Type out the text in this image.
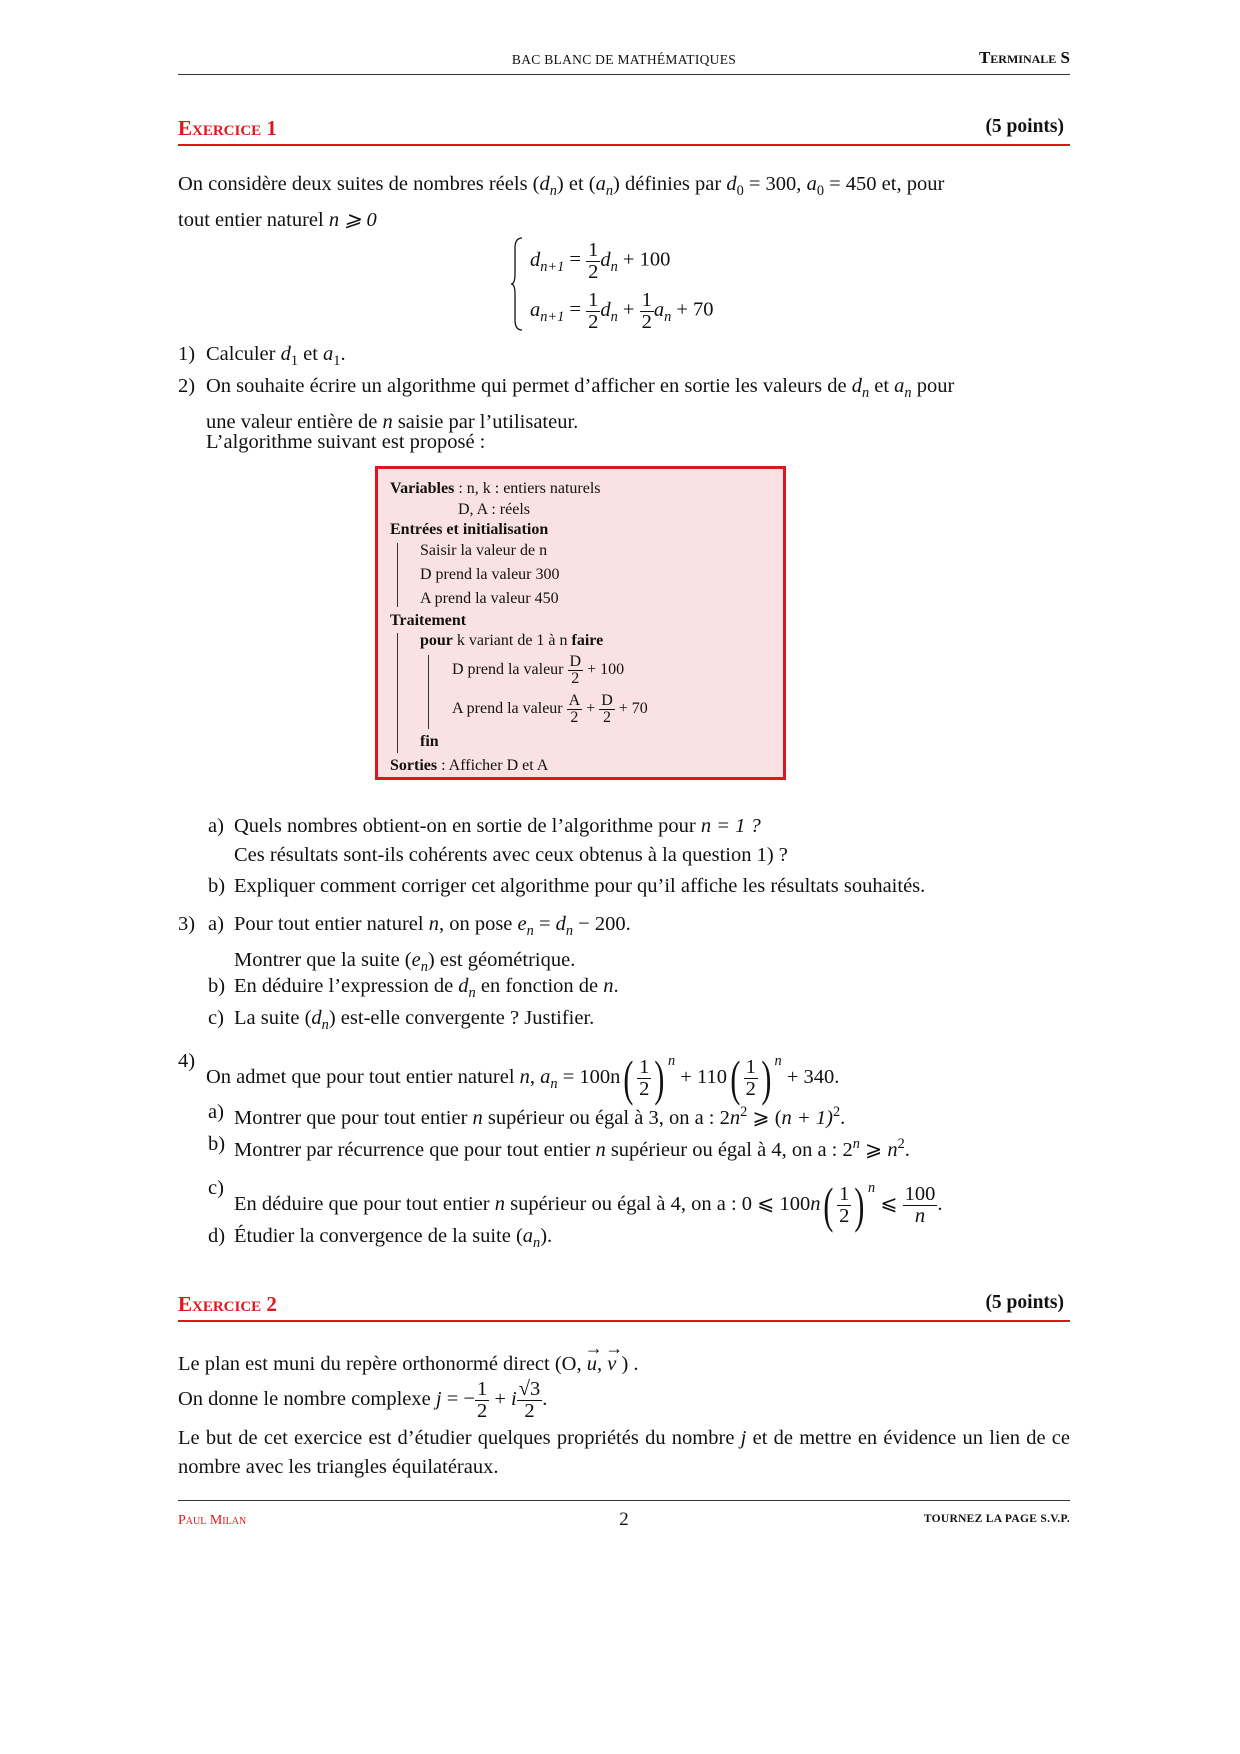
BAC BLANC DE MATHÉMATIQUES	Terminale S
Exercice 1	(5 points)
On considère deux suites de nombres réels $(d_n)$ et $(a_n)$ définies par $d_0 = 300$, $a_0 = 450$ et, pour
tout entier naturel n ⩾ 0
$d_{n+1} = \frac{1}{2} d_n + 100$
$a_{n+1} = \frac{1}{2} d_n + \frac{1}{2} a_n + 70$
1) Calculer $d_1$ et $a_1$.
2) On souhaite écrire un algorithme qui permet d’afficher en sortie les valeurs de $d_n$ et $a_n$ pour
une valeur entière de n saisie par l’utilisateur.
L’algorithme suivant est proposé :
Variables : n, k : entiers naturels
D, A : réels
Entrées et initialisation
Saisir la valeur de n
D prend la valeur 300
A prend la valeur 450
Traitement
pour k variant de 1 à n faire
D prend la valeur $\frac{D}{2} + 100$
A prend la valeur $\frac{A}{2} + \frac{D}{2} + 70$
fin
Sorties : Afficher D et A
a) Quels nombres obtient-on en sortie de l’algorithme pour n = 1 ?
Ces résultats sont-ils cohérents avec ceux obtenus à la question 1) ?
b) Expliquer comment corriger cet algorithme pour qu’il affiche les résultats souhaités.
3) a) Pour tout entier naturel n, on pose $e_n = d_n - 200$.
Montrer que la suite $(e_n)$ est géométrique.
b) En déduire l’expression de $d_n$ en fonction de n.
c) La suite $(d_n)$ est-elle convergente ? Justifier.
4)
On admet que pour tout entier naturel n, $a_n = 100n( \frac{1}{2}$ ) $^n + 110( \frac{1}{2}$ ) $^n$ + 340.
a) Montrer que pour tout entier n supérieur ou égal à 3, on a : $2n^2$ ⩾ $(n + 1)^2$.
b) Montrer par récurrence que pour tout entier n supérieur ou égal à 4, on a : 2$^n$ ⩾ $n^2$.
c)
En déduire que pour tout entier n supérieur ou égal à 4, on a : 0 ⩽ $100n( \frac{1}{2}$ ) $^n$ ⩽ $\frac{100}{n}$ .
d) Étudier la convergence de la suite $(a_n)$.
Exercice 2	(5 points)
Le plan est muni du repère orthonormé direct (O, → u, → v ) .
On donne le nombre complexe j = − $\frac{1}{2} + i \frac{√3}{2}$ .
Le but de cet exercice est d’étudier quelques propriétés du nombre j et de mettre en évidence un lien de ce nombre avec les triangles équilatéraux.
Paul Milan	2	TOURNEZ LA PAGE S.V.P.
